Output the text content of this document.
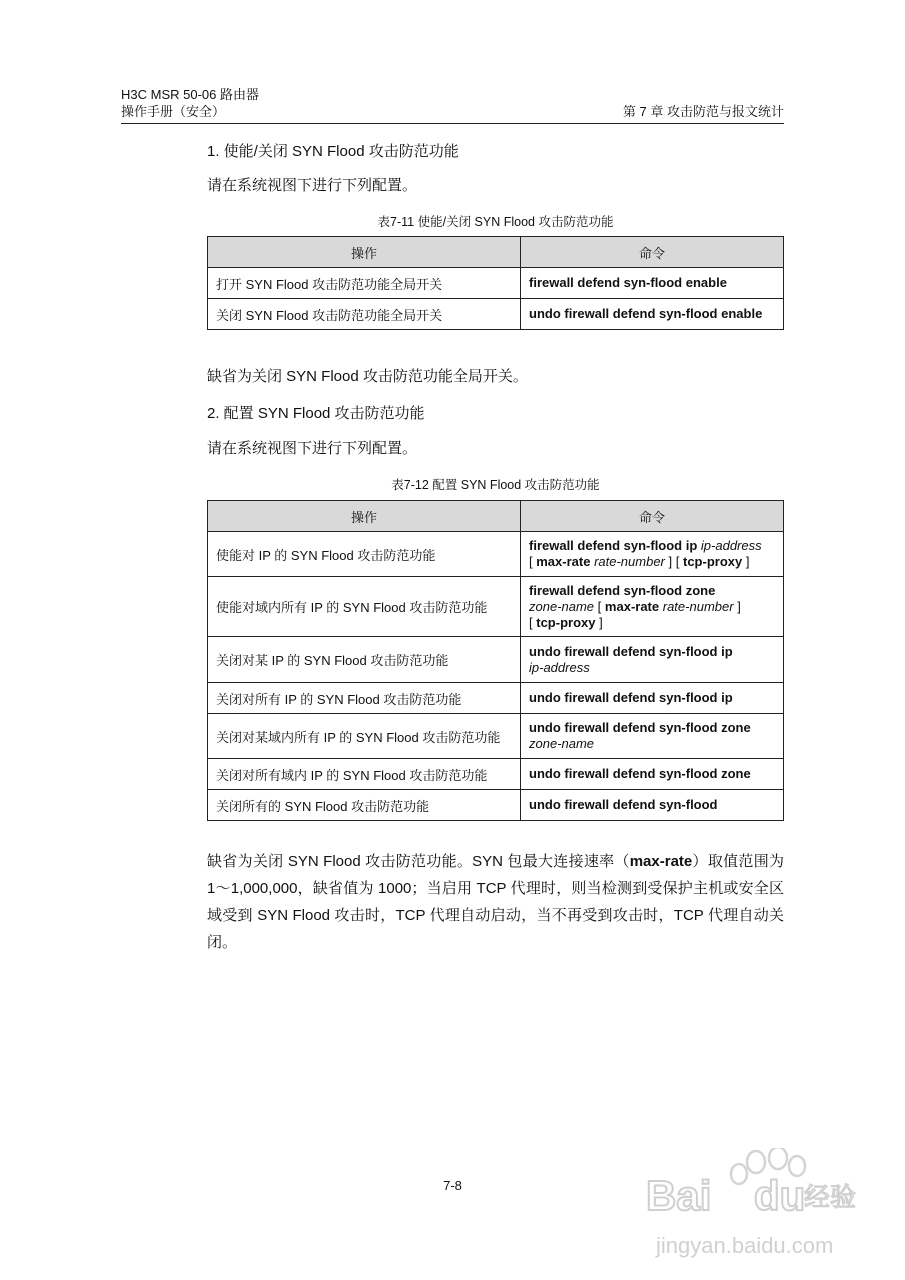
H3C MSR 50-06 路由器
操作手册（安全）	第 7 章 攻击防范与报文统计
1. 使能/关闭 SYN Flood 攻击防范功能
请在系统视图下进行下列配置。
表7-11 使能/关闭 SYN Flood 攻击防范功能
操作	命令
打开 SYN Flood 攻击防范功能全局开关	firewall defend syn-flood enable
关闭 SYN Flood 攻击防范功能全局开关	undo firewall defend syn-flood enable
缺省为关闭 SYN Flood 攻击防范功能全局开关。
2. 配置 SYN Flood 攻击防范功能
请在系统视图下进行下列配置。
表7-12 配置 SYN Flood 攻击防范功能
操作	命令
使能对 IP 的 SYN Flood 攻击防范功能	firewall defend syn-flood ip ip-address
[ max-rate rate-number ] [ tcp-proxy ]
使能对域内所有 IP 的 SYN Flood 攻击防范功能	firewall defend syn-flood zone
zone-name [ max-rate rate-number ]
[ tcp-proxy ]
关闭对某 IP 的 SYN Flood 攻击防范功能	undo firewall defend syn-flood ip
ip-address
关闭对所有 IP 的 SYN Flood 攻击防范功能	undo firewall defend syn-flood ip
关闭对某域内所有 IP 的 SYN Flood 攻击防范功能	undo firewall defend syn-flood zone
zone-name
关闭对所有域内 IP 的 SYN Flood 攻击防范功能	undo firewall defend syn-flood zone
关闭所有的 SYN Flood 攻击防范功能	undo firewall defend syn-flood
缺省为关闭 SYN Flood 攻击防范功能。SYN 包最大连接速率（max-rate）取值范围为 1～1,000,000，缺省值为 1000；当启用 TCP 代理时，则当检测到受保护主机或安全区域受到 SYN Flood 攻击时，TCP 代理自动启动，当不再受到攻击时，TCP 代理自动关闭。
7-8	Bai du
经验
jingyan.baidu.com
